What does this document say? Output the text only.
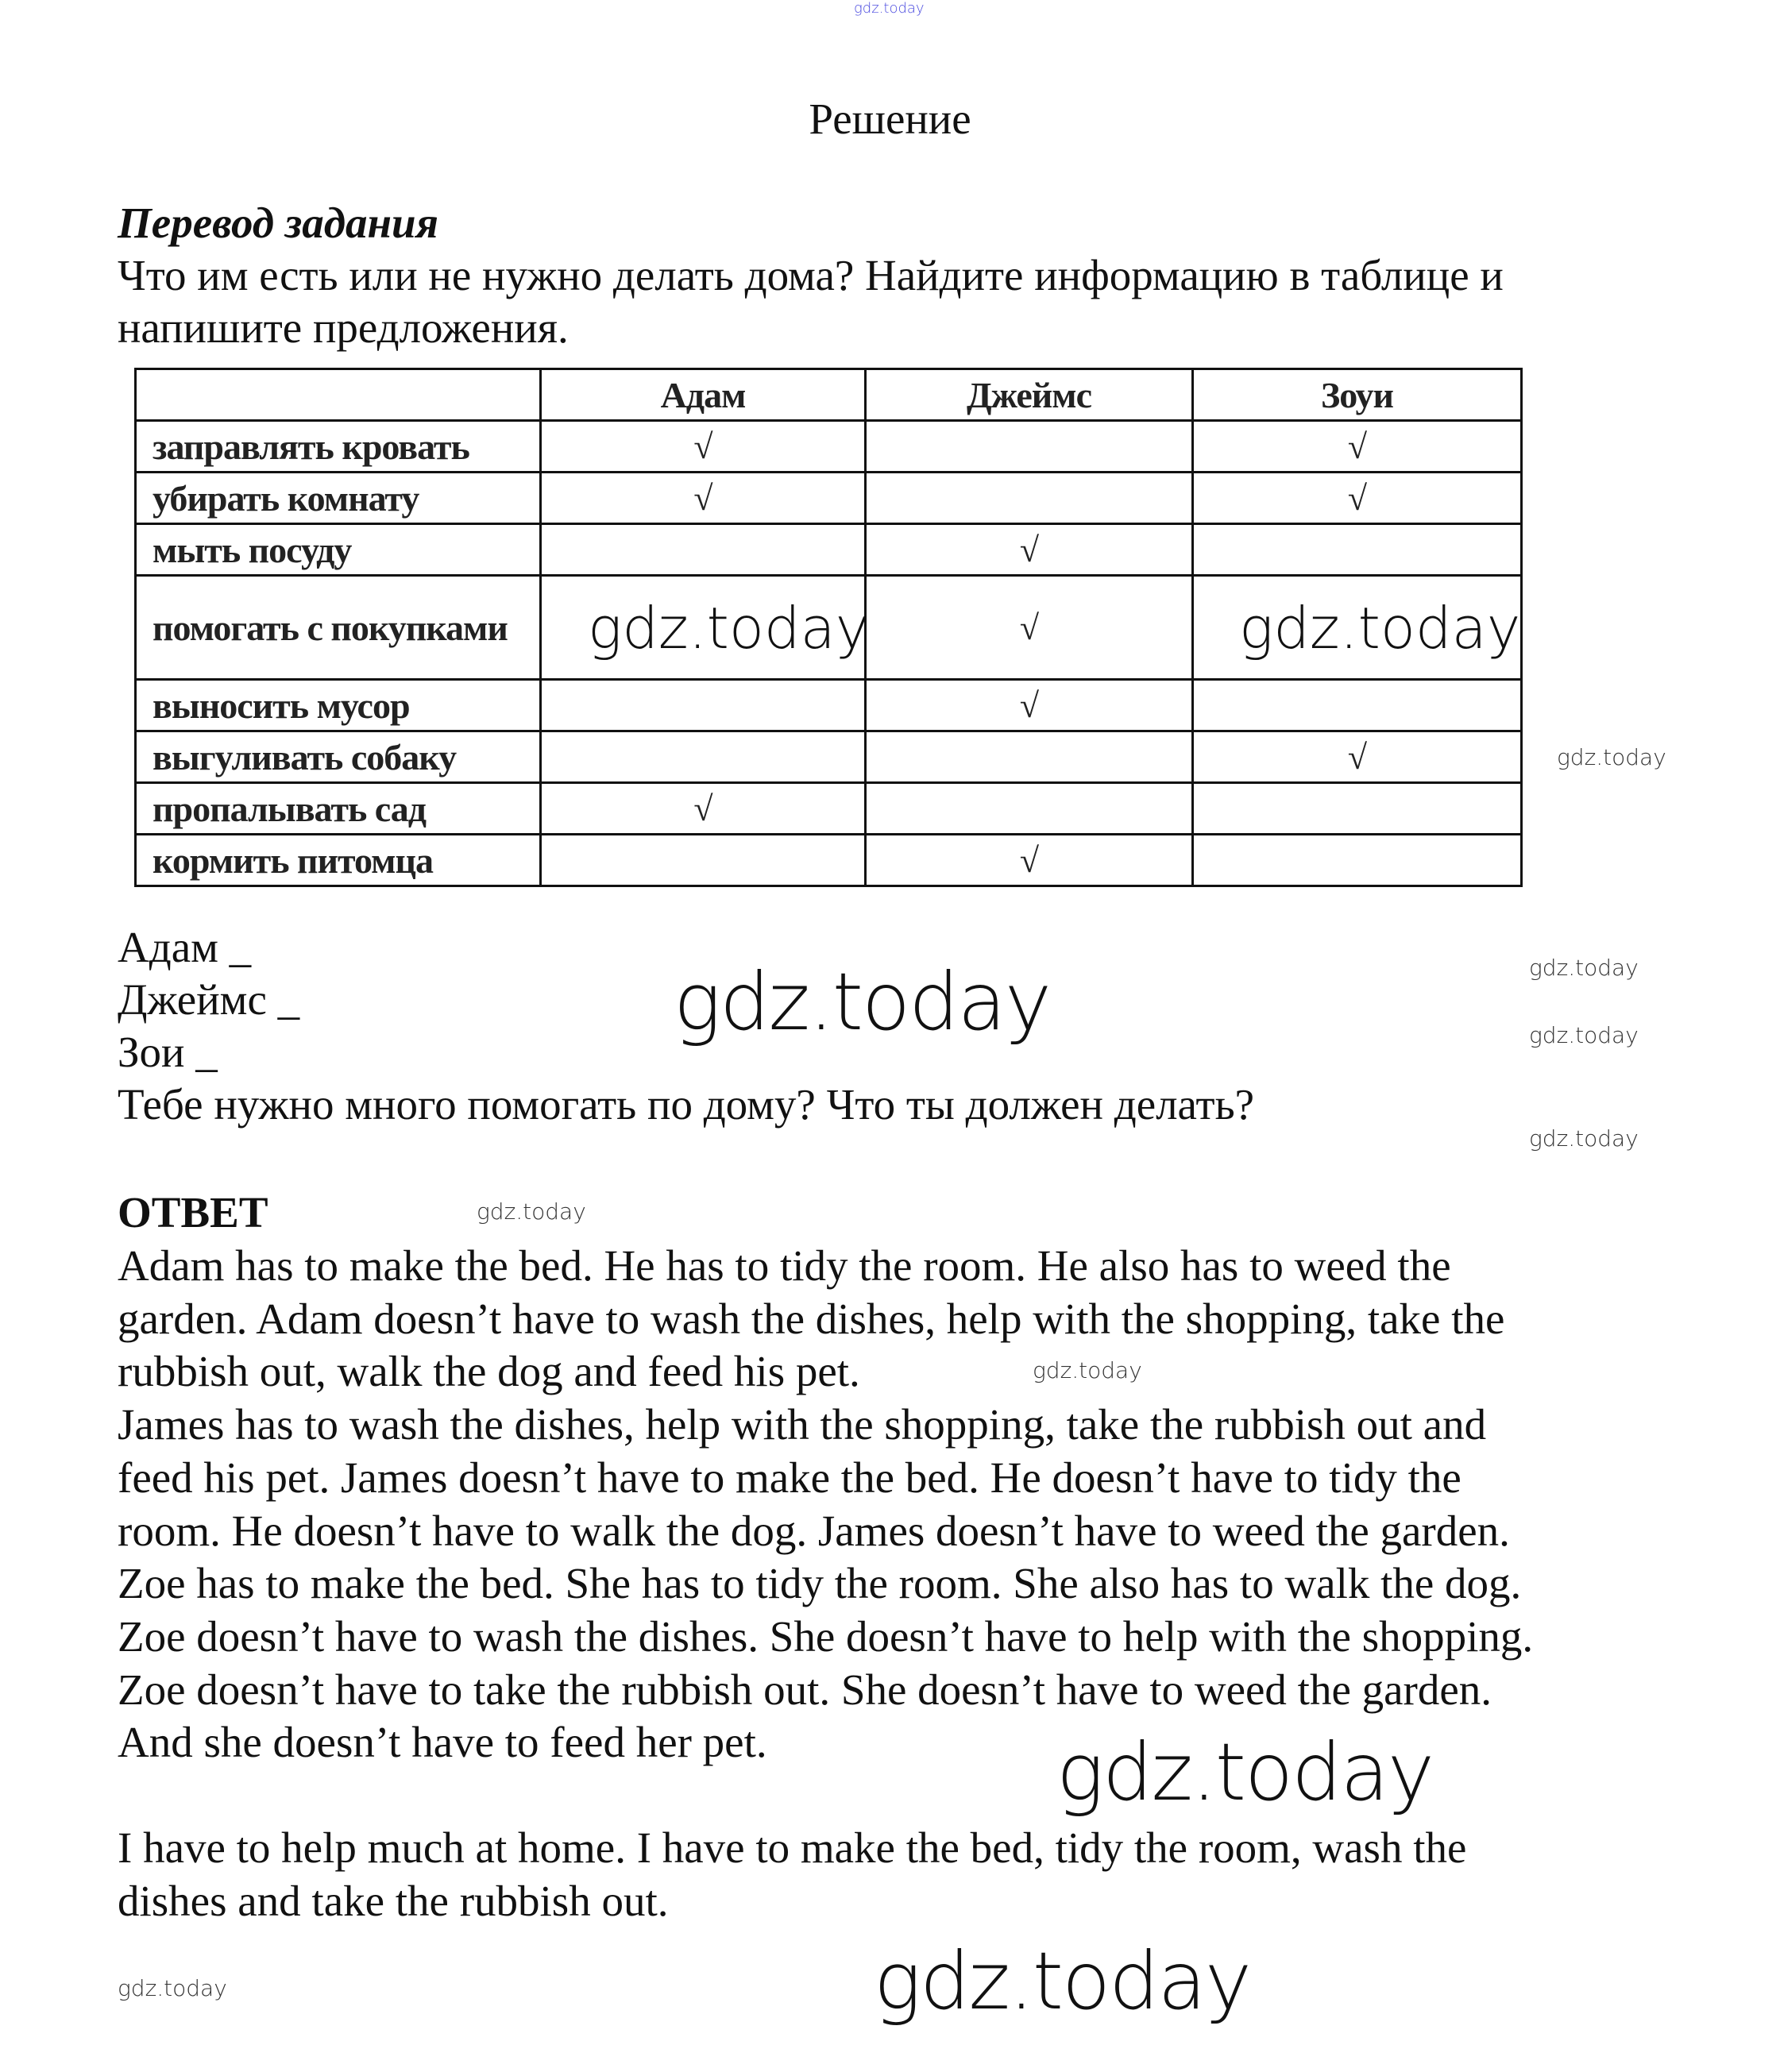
gdz.today
Решение
Перевод задания
Что им есть или не нужно делать дома? Найдите информацию в таблице и
напишите предложения.
	Адам	Джеймс	Зоуи
заправлять кровать	√		√
убирать комнату	√		√
мыть посуду		√	
помогать с покупками		√	
выносить мусор		√	
выгуливать собаку			√
пропалывать сад	√		
кормить питомца		√	
Адам _
Джеймс _
Зои _
Тебе нужно много помогать по дому? Что ты должен делать?
ОТВЕТ
Adam has to make the bed. He has to tidy the room. He also has to weed the
garden. Adam doesn’t have to wash the dishes, help with the shopping, take the
rubbish out, walk the dog and feed his pet.
James has to wash the dishes, help with the shopping, take the rubbish out and
feed his pet. James doesn’t have to make the bed. He doesn’t have to tidy the
room. He doesn’t have to walk the dog. James doesn’t have to weed the garden.
Zoe has to make the bed. She has to tidy the room. She also has to walk the dog.
Zoe doesn’t have to wash the dishes. She doesn’t have to help with the shopping.
Zoe doesn’t have to take the rubbish out. She doesn’t have to weed the garden.
And she doesn’t have to feed her pet.
I have to help much at home. I have to make the bed, tidy the room, wash the
dishes and take the rubbish out.
gdz.today
gdz.today
gdz.today
gdz.today
gdz.today
gdz.today
gdz.today
gdz.today
gdz.today
gdz.today
gdz.today
gdz.today
